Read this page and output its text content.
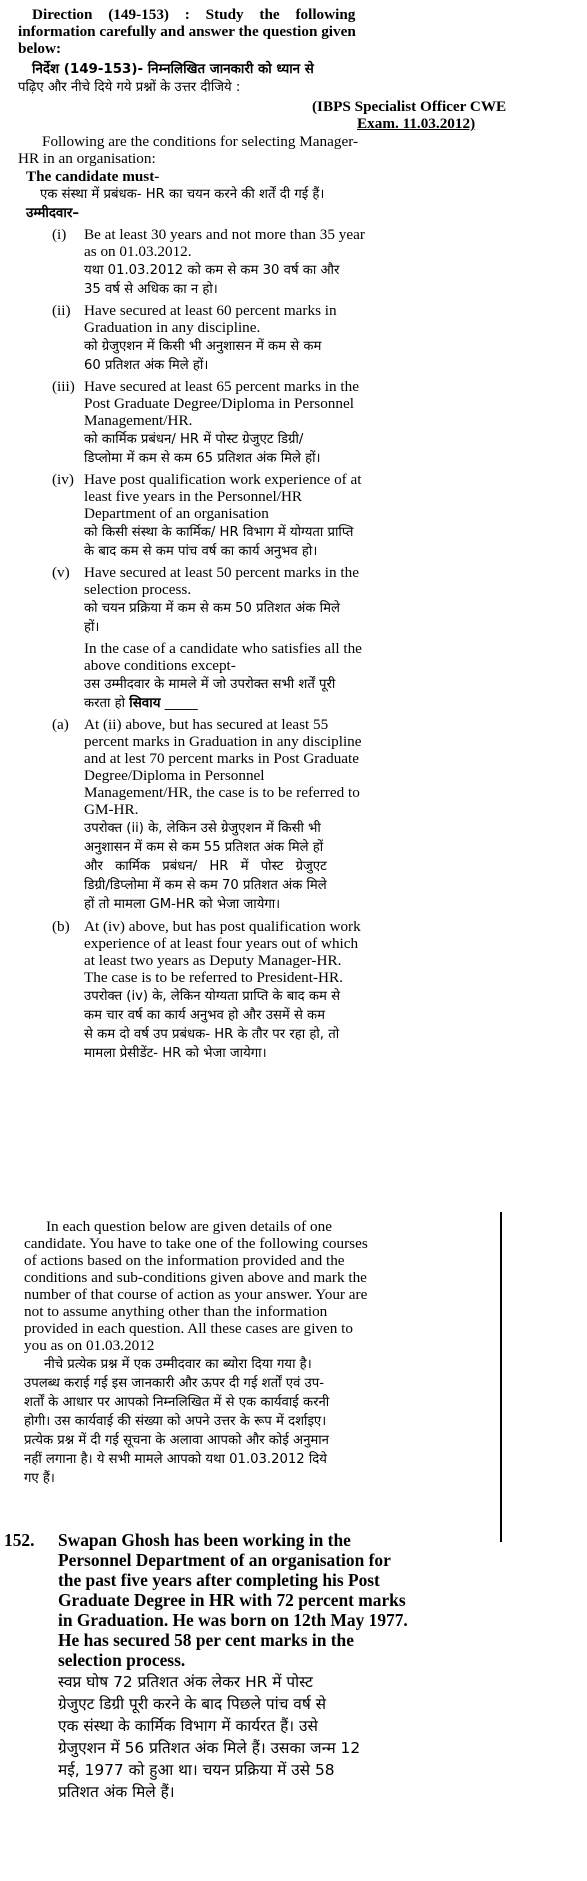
Direction (149-153) : Study the following
information carefully and answer the question given
below:
निर्देश (149-153)- निम्नलिखित जानकारी को ध्यान से
पढ़िए और नीचे दिये गये प्रश्नों के उत्तर दीजिये :
(IBPS Specialist Officer CWE
Exam. 11.03.2012)
Following are the conditions for selecting Manager-
HR in an organisation:
The candidate must-
एक संस्था में प्रबंधक- HR का चयन करने की शर्तें दी गई हैं।
उम्मीदवार–
(i) Be at least 30 years and not more than 35 year
as on 01.03.2012.
यथा 01.03.2012 को कम से कम 30 वर्ष का और
35 वर्ष से अधिक का न हो।
(ii) Have secured at least 60 percent marks in
Graduation in any discipline.
को ग्रेजुएशन में किसी भी अनुशासन में कम से कम
60 प्रतिशत अंक मिले हों।
(iii) Have secured at least 65 percent marks in the
Post Graduate Degree/Diploma in Personnel
Management/HR.
को कार्मिक प्रबंधन/ HR में पोस्ट ग्रेजुएट डिग्री/
डिप्लोमा में कम से कम 65 प्रतिशत अंक मिले हों।
(iv) Have post qualification work experience of at
least five years in the Personnel/HR
Department of an organisation
को किसी संस्था के कार्मिक/ HR विभाग में योग्यता प्राप्ति
के बाद कम से कम पांच वर्ष का कार्य अनुभव हो।
(v) Have secured at least 50 percent marks in the
selection process.
को चयन प्रक्रिया में कम से कम 50 प्रतिशत अंक मिले
हों।
In the case of a candidate who satisfies all the
above conditions except-
उस उम्मीदवार के मामले में जो उपरोक्त सभी शर्तें पूरी
करता हो सिवाय _____
(a) At (ii) above, but has secured at least 55
percent marks in Graduation in any discipline
and at lest 70 percent marks in Post Graduate
Degree/Diploma in Personnel
Management/HR, the case is to be referred to
GM-HR.
उपरोक्त (ii) के, लेकिन उसे ग्रेजुएशन में किसी भी
अनुशासन में कम से कम 55 प्रतिशत अंक मिले हों
और कार्मिक प्रबंधन/ HR में पोस्ट ग्रेजुएट
डिग्री/डिप्लोमा में कम से कम 70 प्रतिशत अंक मिले
हों तो मामला GM-HR को भेजा जायेगा।
(b) At (iv) above, but has post qualification work
experience of at least four years out of which
at least two years as Deputy Manager-HR.
The case is to be referred to President-HR.
उपरोक्त (iv) के, लेकिन योग्यता प्राप्ति के बाद कम से
कम चार वर्ष का कार्य अनुभव हो और उसमें से कम
से कम दो वर्ष उप प्रबंधक- HR के तौर पर रहा हो, तो
मामला प्रेसीडेंट- HR को भेजा जायेगा।
In each question below are given details of one
candidate. You have to take one of the following courses
of actions based on the information provided and the
conditions and sub-conditions given above and mark the
number of that course of action as your answer. Your are
not to assume anything other than the information
provided in each question. All these cases are given to
you as on 01.03.2012
नीचे प्रत्येक प्रश्न में एक उम्मीदवार का ब्योरा दिया गया है।
उपलब्ध कराई गई इस जानकारी और ऊपर दी गई शर्तों एवं उप-
शर्तों के आधार पर आपको निम्नलिखित में से एक कार्यवाई करनी
होगी। उस कार्यवाई की संख्या को अपने उत्तर के रूप में दर्शाइए।
प्रत्येक प्रश्न में दी गई सूचना के अलावा आपको और कोई अनुमान
नहीं लगाना है। ये सभी मामले आपको यथा 01.03.2012 दिये
गए हैं।
152. Swapan Ghosh has been working in the
Personnel Department of an organisation for
the past five years after completing his Post
Graduate Degree in HR with 72 percent marks
in Graduation. He was born on 12th May 1977.
He has secured 58 per cent marks in the
selection process.
स्वप्न घोष 72 प्रतिशत अंक लेकर HR में पोस्ट
ग्रेजुएट डिग्री पूरी करने के बाद पिछले पांच वर्ष से
एक संस्था के कार्मिक विभाग में कार्यरत हैं। उसे
ग्रेजुएशन में 56 प्रतिशत अंक मिले हैं। उसका जन्म 12
मई, 1977 को हुआ था। चयन प्रक्रिया में उसे 58
प्रतिशत अंक मिले हैं।
